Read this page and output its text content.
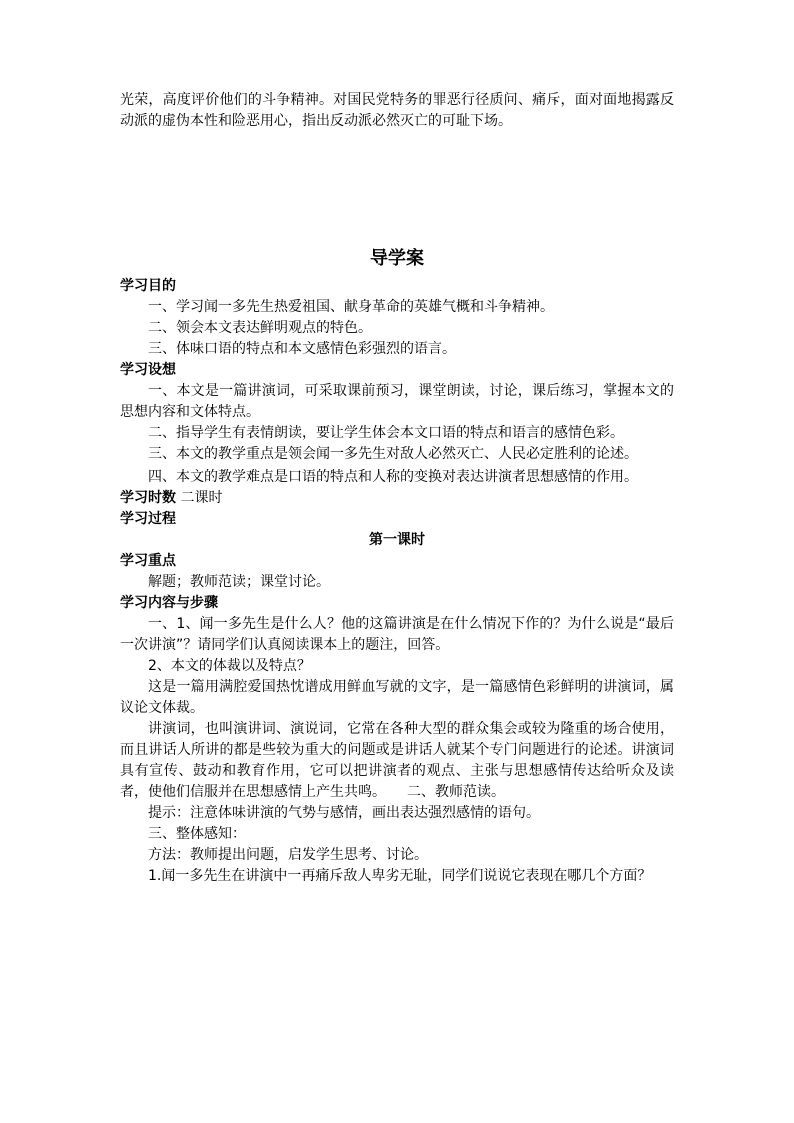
光荣，高度评价他们的斗争精神。对国民党特务的罪恶行径质问、痛斥，面对面地揭露反动派的虚伪本性和险恶用心，指出反动派必然灭亡的可耻下场。

导学案

学习目的

一、学习闻一多先生热爱祖国、献身革命的英雄气概和斗争精神。

二、领会本文表达鲜明观点的特色。

三、体味口语的特点和本文感情色彩强烈的语言。

学习设想

一、本文是一篇讲演词，可采取课前预习，课堂朗读，讨论，课后练习，掌握本文的思想内容和文体特点。

二、指导学生有表情朗读，要让学生体会本文口语的特点和语言的感情色彩。

三、本文的教学重点是领会闻一多先生对敌人必然灭亡、人民必定胜利的论述。

四、本文的教学难点是口语的特点和人称的变换对表达讲演者思想感情的作用。

学习时数 二课时

学习过程

第一课时

学习重点

解题；教师范读；课堂讨论。

学习内容与步骤

一、1、闻一多先生是什么人？他的这篇讲演是在什么情况下作的？为什么说是“最后一次讲演”？请同学们认真阅读课本上的题注，回答。

2、本文的体裁以及特点？

这是一篇用满腔爱国热忱谱成用鲜血写就的文字，是一篇感情色彩鲜明的讲演词，属议论文体裁。

讲演词，也叫演讲词、演说词，它常在各种大型的群众集会或较为隆重的场合使用，而且讲话人所讲的都是些较为重大的问题或是讲话人就某个专门问题进行的论述。讲演词具有宣传、鼓动和教育作用，它可以把讲演者的观点、主张与思想感情传达给听众及读者，使他们信服并在思想感情上产生共鸣。　　二、教师范读。

提示：注意体味讲演的气势与感情，画出表达强烈感情的语句。

三、整体感知：

方法：教师提出问题，启发学生思考、讨论。

1.闻一多先生在讲演中一再痛斥敌人卑劣无耻，同学们说说它表现在哪几个方面？
